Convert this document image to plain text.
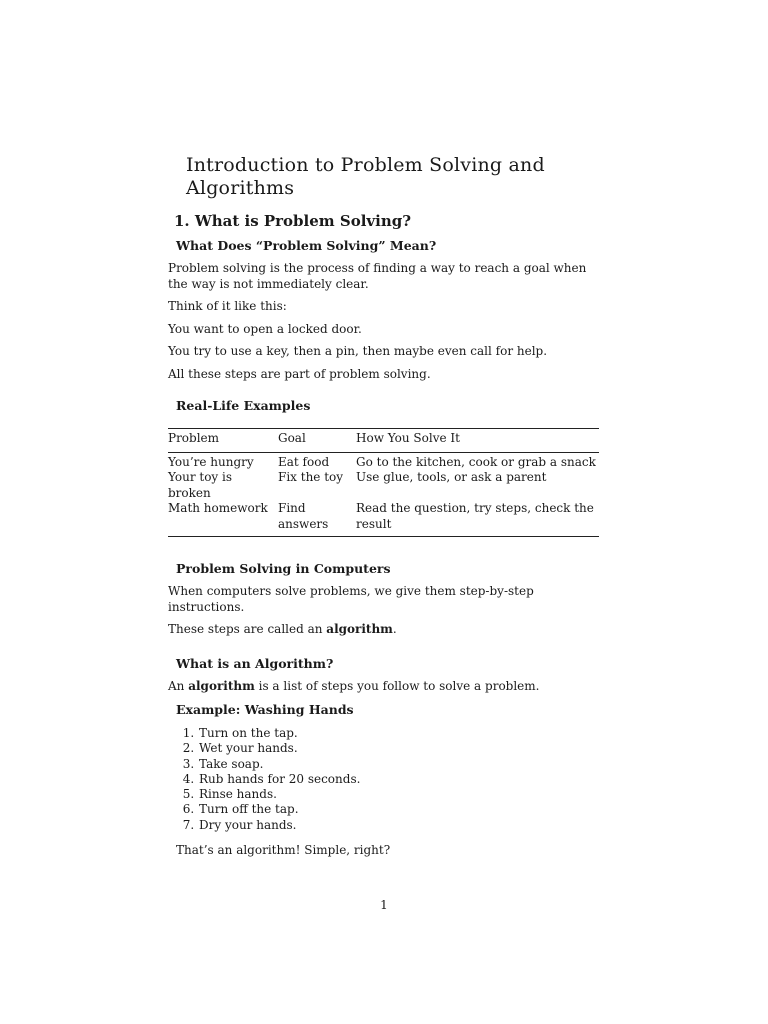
Introduction to Problem Solving and Algorithms
1. What is Problem Solving?
What Does “Problem Solving” Mean?

Problem solving is the process of finding a way to reach a goal when the way is not immediately clear.

Think of it like this:

You want to open a locked door.

You try to use a key, then a pin, then maybe even call for help.

All these steps are part of problem solving.

Real-Life Examples
Problem	Goal	How You Solve It
You’re hungry	Eat food	Go to the kitchen, cook or grab a snack
Your toy is broken	Fix the toy	Use glue, tools, or ask a parent
Math homework	Find answers	Read the question, try steps, check the result
Problem Solving in Computers

When computers solve problems, we give them step-by-step instructions.

These steps are called an algorithm.

What is an Algorithm?

An algorithm is a list of steps you follow to solve a problem.

Example: Washing Hands
1. Turn on the tap.
2. Wet your hands.
3. Take soap.
4. Rub hands for 20 seconds.
5. Rinse hands.
6. Turn off the tap.
7. Dry your hands.

That’s an algorithm! Simple, right?

1
